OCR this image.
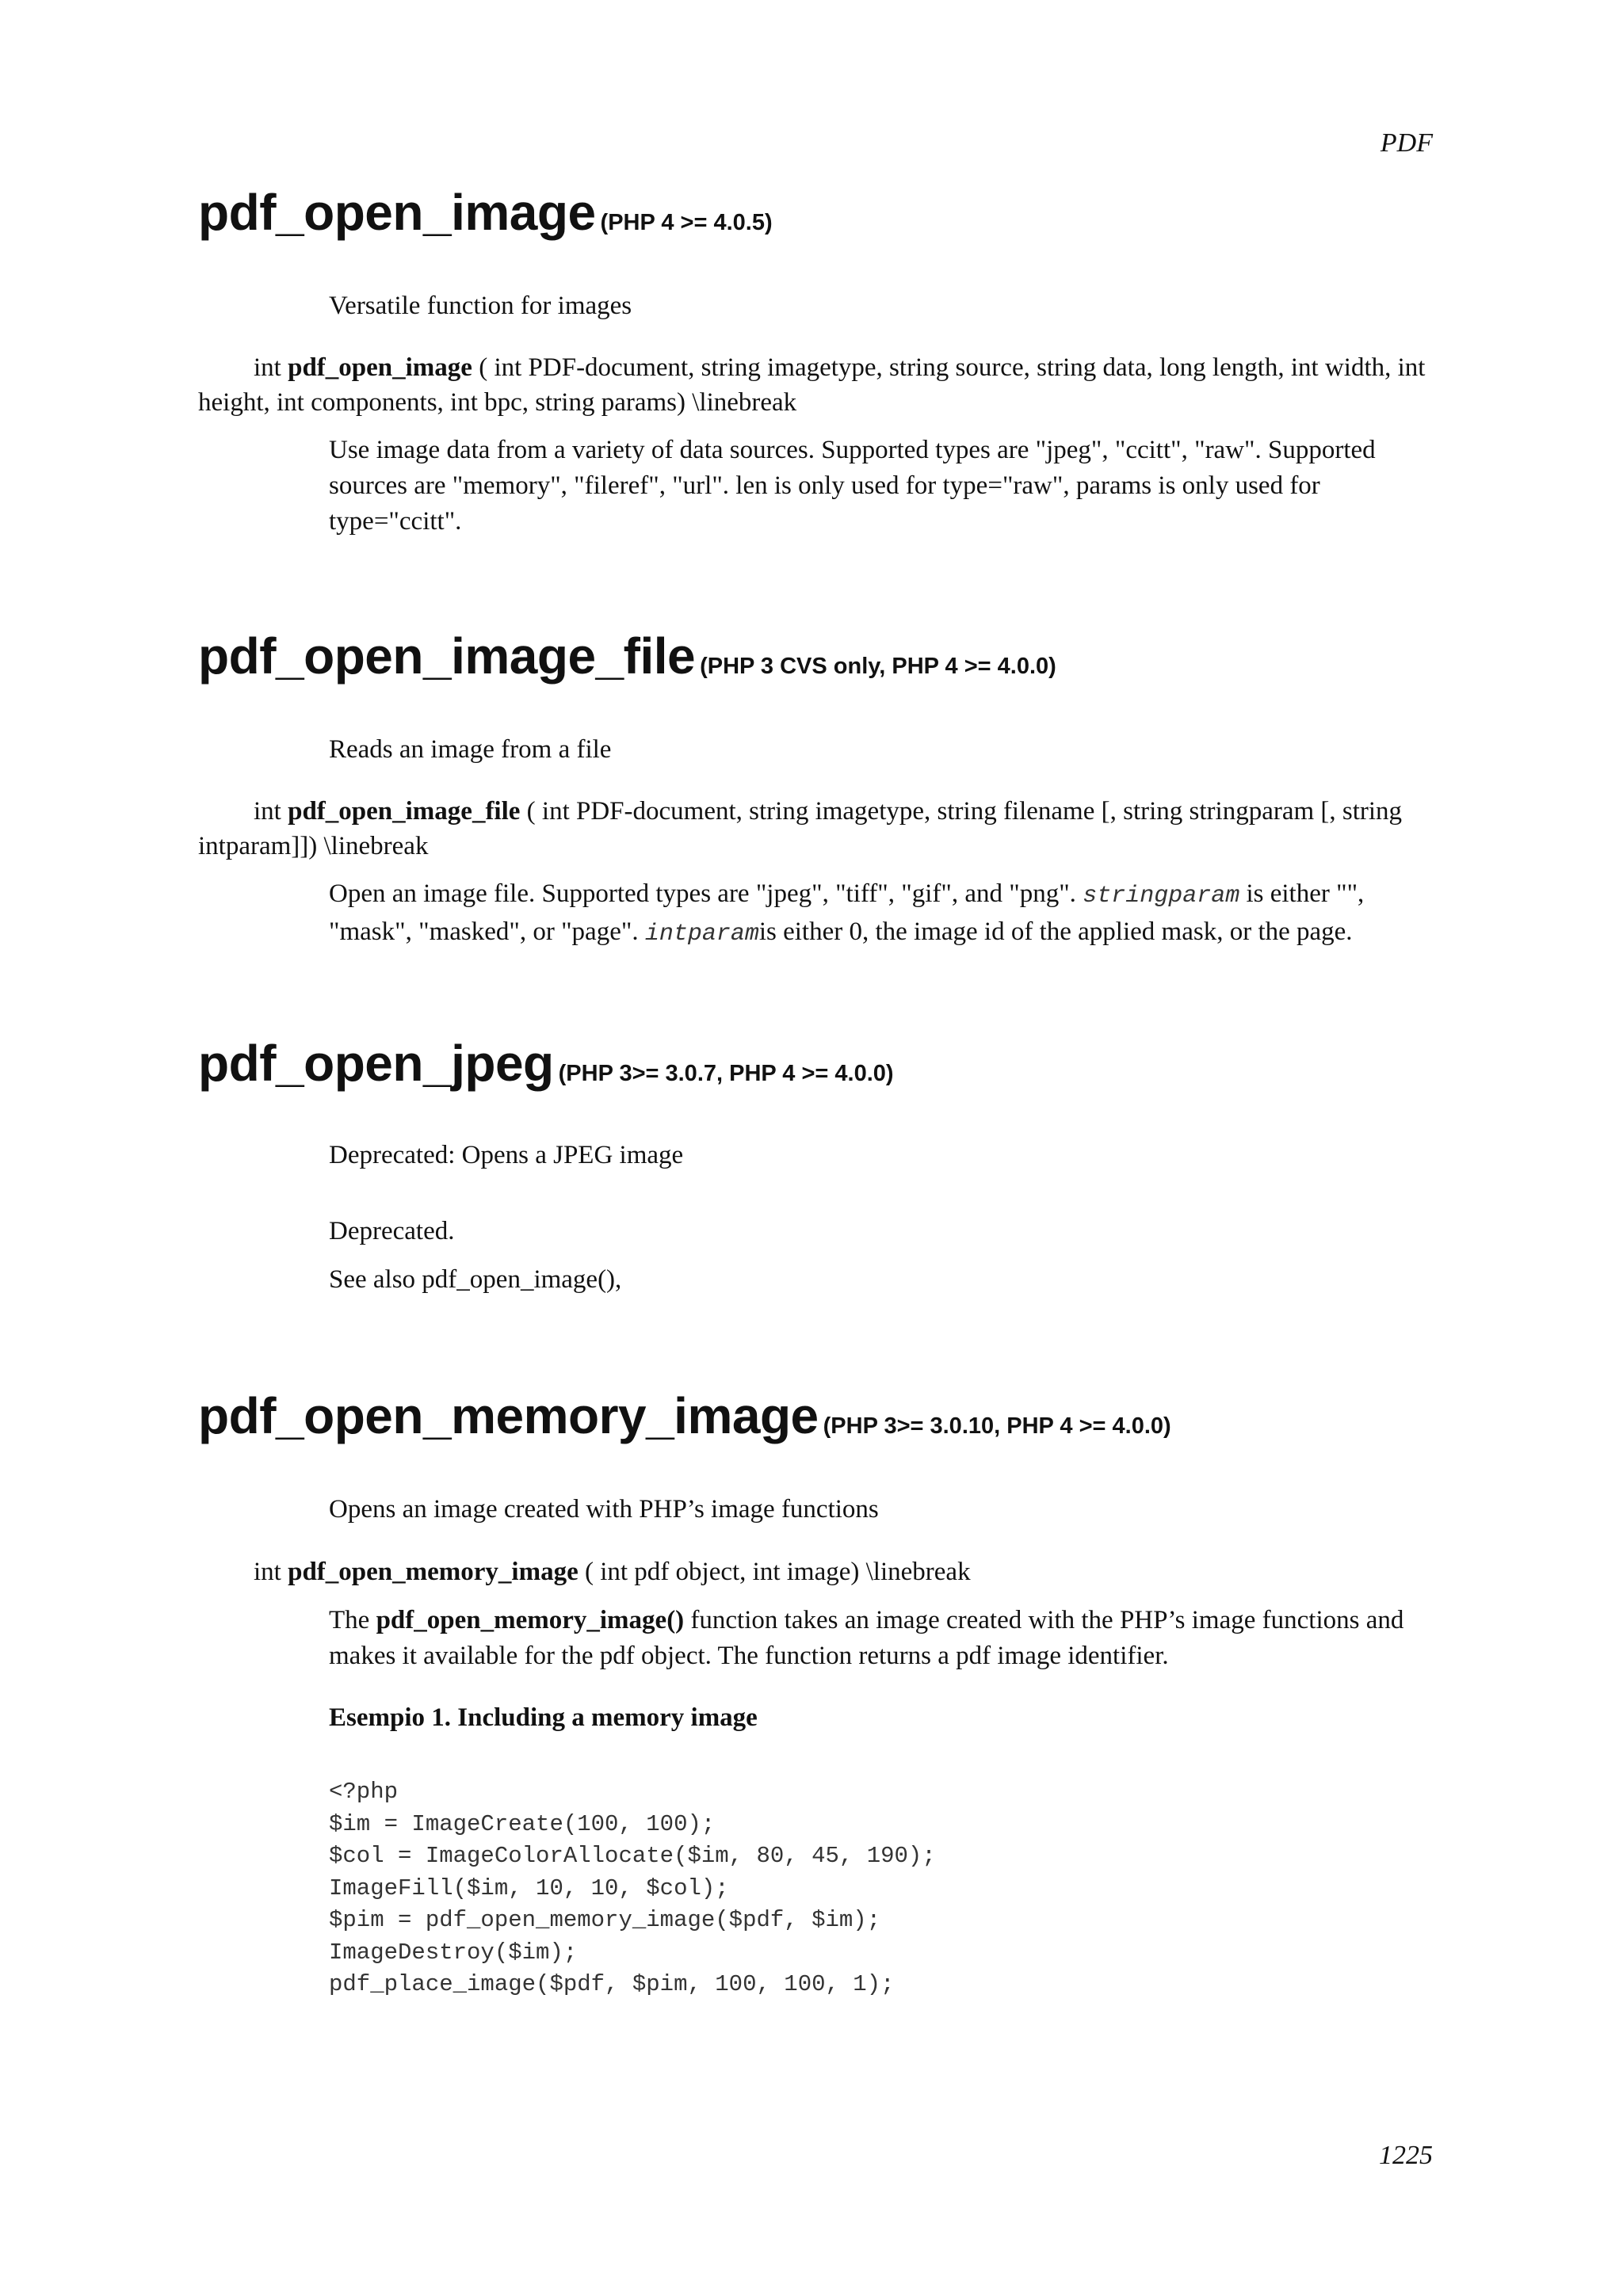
PDF
pdf_open_image (PHP 4 >= 4.0.5)

Versatile function for images

int pdf_open_image ( int PDF-document, string imagetype, string source, string data, long length, int width, int height, int components, int bpc, string params) \linebreak

Use image data from a variety of data sources. Supported types are "jpeg", "ccitt", "raw". Supported sources are "memory", "fileref", "url". len is only used for type="raw", params is only used for type="ccitt".

pdf_open_image_file (PHP 3 CVS only, PHP 4 >= 4.0.0)

Reads an image from a file

int pdf_open_image_file ( int PDF-document, string imagetype, string filename [, string stringparam [, string intparam]]) \linebreak

Open an image file. Supported types are "jpeg", "tiff", "gif", and "png". stringparam is either "", "mask", "masked", or "page". intparamis either 0, the image id of the applied mask, or the page.

pdf_open_jpeg (PHP 3>= 3.0.7, PHP 4 >= 4.0.0)

Deprecated: Opens a JPEG image

Deprecated.

See also pdf_open_image(),

pdf_open_memory_image (PHP 3>= 3.0.10, PHP 4 >= 4.0.0)

Opens an image created with PHP’s image functions

int pdf_open_memory_image ( int pdf object, int image) \linebreak

The pdf_open_memory_image() function takes an image created with the PHP’s image functions and makes it available for the pdf object. The function returns a pdf image identifier.

Esempio 1. Including a memory image

<?php
$im = ImageCreate(100, 100);
$col = ImageColorAllocate($im, 80, 45, 190);
ImageFill($im, 10, 10, $col);
$pim = pdf_open_memory_image($pdf, $im);
ImageDestroy($im);
pdf_place_image($pdf, $pim, 100, 100, 1);
1225
